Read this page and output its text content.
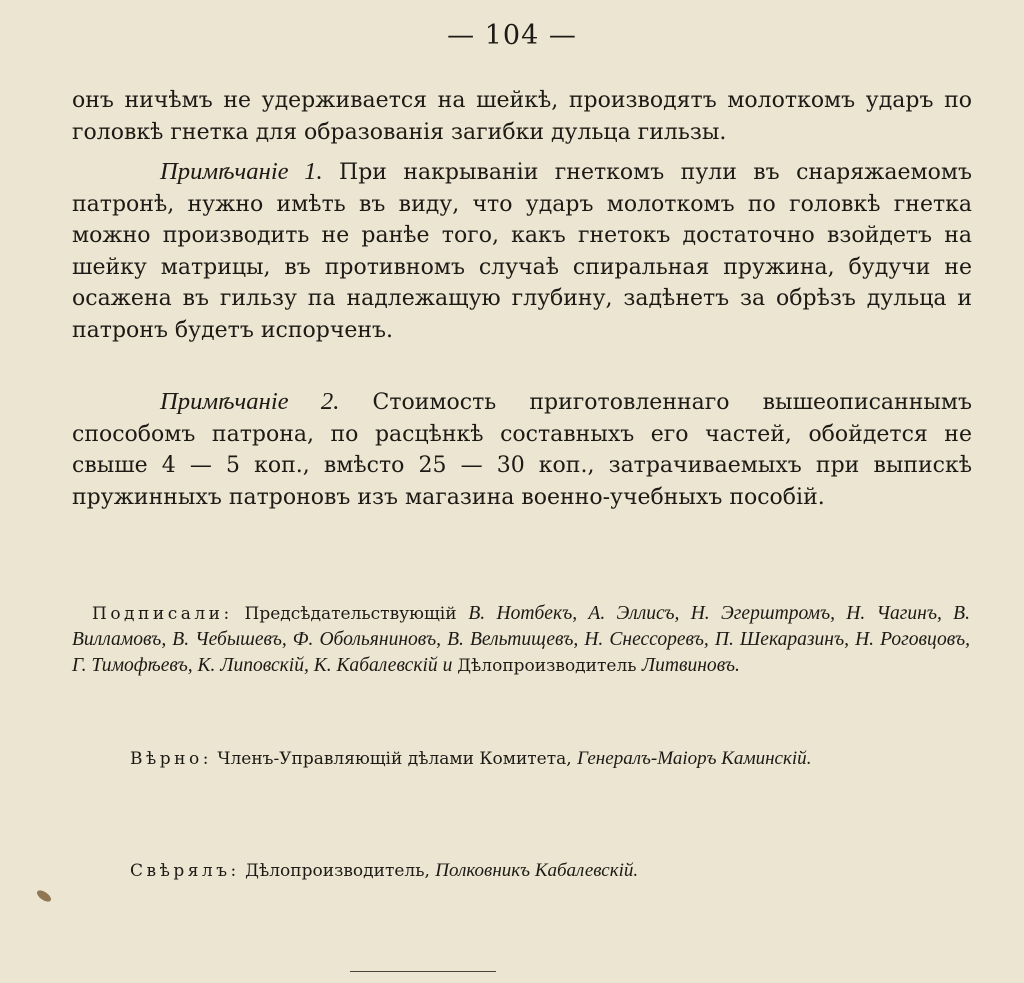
— 104 —

онъ ничѣмъ не удерживается на шейкѣ, производятъ молоткомъ ударъ по головкѣ гнетка для образованія загибки дульца гильзы.

Примѣчаніе 1. При накрываніи гнеткомъ пули въ снаряжаемомъ патронѣ, нужно имѣть въ виду, что ударъ молоткомъ по головкѣ гнетка можно производить не ранѣе того, какъ гнетокъ достаточно взойдетъ на шейку матрицы, въ противномъ случаѣ спиральная пружина, будучи не осажена въ гильзу па надлежащую глубину, задѣнетъ за обрѣзъ дульца и патронъ будетъ испорченъ.

Примѣчаніе 2. Стоимость приготовленнаго вышеописаннымъ способомъ патрона, по расцѣнкѣ составныхъ его частей, обойдется не свыше 4 — 5 коп., вмѣсто 25 — 30 коп., затрачиваемыхъ при выпискѣ пружинныхъ патроновъ изъ магазина военно-учебныхъ пособій.

Подписали: Предсѣдательствующій В. Нотбекъ, А. Эллисъ, Н. Эгерштромъ, Н. Чагинъ, В. Вилламовъ, В. Чебышевъ, Ф. Обольяниновъ, В. Вельтищевъ, Н. Снессоревъ, П. Шекаразинъ, Н. Роговцовъ, Г. Тимофѣевъ, К. Липовскій, К. Кабалевскій и Дѣлопроизводитель Литвиновъ.

Вѣрно: Членъ-Управляющій дѣлами Комитета, Генералъ-Маіоръ Каминскій.

Свѣрялъ: Дѣлопроизводитель, Полковникъ Кабалевскій.
